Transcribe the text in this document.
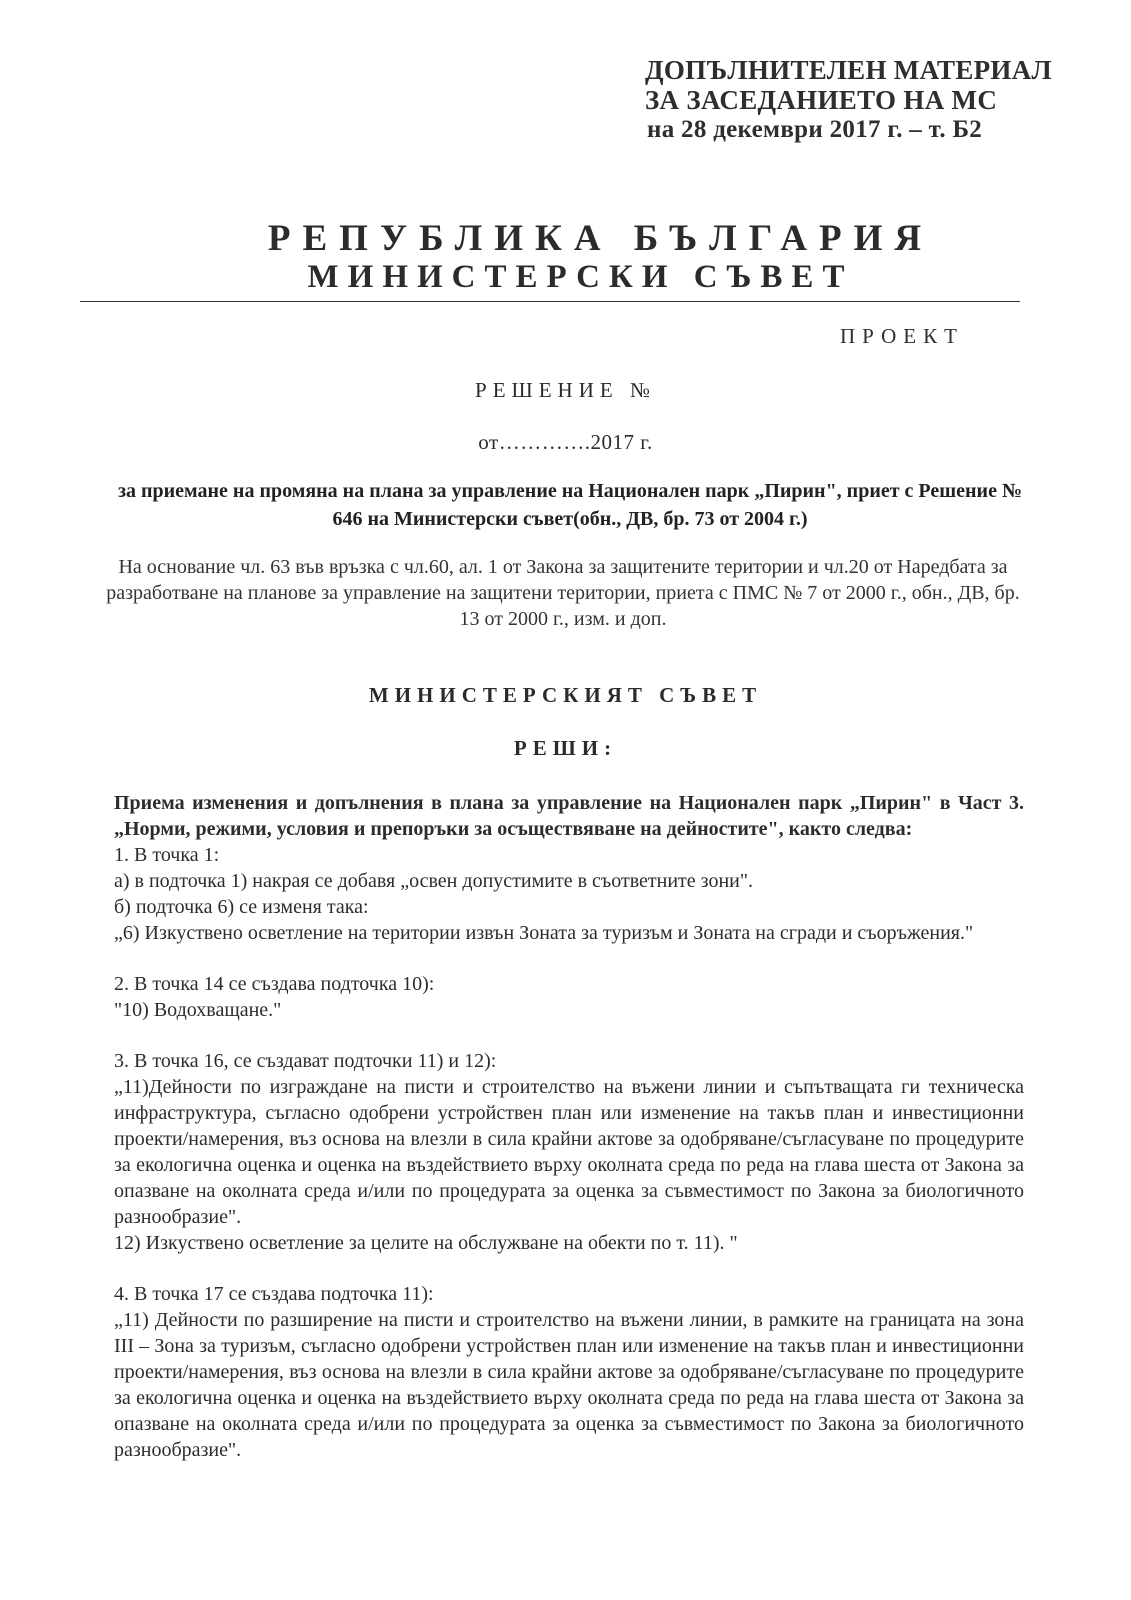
ДОПЪЛНИТЕЛЕН МАТЕРИАЛ
ЗА ЗАСЕДАНИЕТО НА МС
на 28 декември 2017 г. – т. Б2
РЕПУБЛИКА БЪЛГАРИЯ
МИНИСТЕРСКИ СЪВЕТ
ПРОЕКТ
РЕШЕНИЕ №
от………….2017 г.
за приемане на промяна на плана за управление на Национален парк „Пирин", приет с Решение № 646 на Министерски съвет(обн., ДВ, бр. 73 от 2004 г.)
На основание чл. 63 във връзка с чл.60, ал. 1 от Закона за защитените територии и чл.20 от Наредбата за разработване на планове за управление на защитени територии, приета с ПМС № 7 от 2000 г., обн., ДВ, бр. 13 от 2000 г., изм. и доп.
МИНИСТЕРСКИЯТ СЪВЕТ
РЕШИ:

Приема изменения и допълнения в плана за управление на Национален парк „Пирин" в Част 3. „Норми, режими, условия и препоръки за осъществяване на дейностите", както следва:

1. В точка 1:

а) в подточка 1) накрая се добавя „освен допустимите в съответните зони".

б) подточка 6) се изменя така:

„6) Изкуствено осветление на територии извън Зоната за туризъм и Зоната на сгради и съоръжения."

2. В точка 14 се създава подточка 10):

"10) Водохващане."

3. В точка 16, се създават подточки 11) и 12):

„11)Дейности по изграждане на писти и строителство на въжени линии и съпътващата ги техническа инфраструктура, съгласно одобрени устройствен план или изменение на такъв план и инвестиционни проекти/намерения, въз основа на влезли в сила крайни актове за одобряване/съгласуване по процедурите за екологична оценка и оценка на въздействието върху околната среда по реда на глава шеста от Закона за опазване на околната среда и/или по процедурата за оценка за съвместимост по Закона за биологичното разнообразие".

12) Изкуствено осветление за целите на обслужване на обекти по т. 11). "

4. В точка 17 се създава подточка 11):

„11) Дейности по разширение на писти и строителство на въжени линии, в рамките на границата на зона III – Зона за туризъм, съгласно одобрени устройствен план или изменение на такъв план и инвестиционни проекти/намерения, въз основа на влезли в сила крайни актове за одобряване/съгласуване по процедурите за екологична оценка и оценка на въздействието върху околната среда по реда на глава шеста от Закона за опазване на околната среда и/или по процедурата за оценка за съвместимост по Закона за биологичното разнообразие".
